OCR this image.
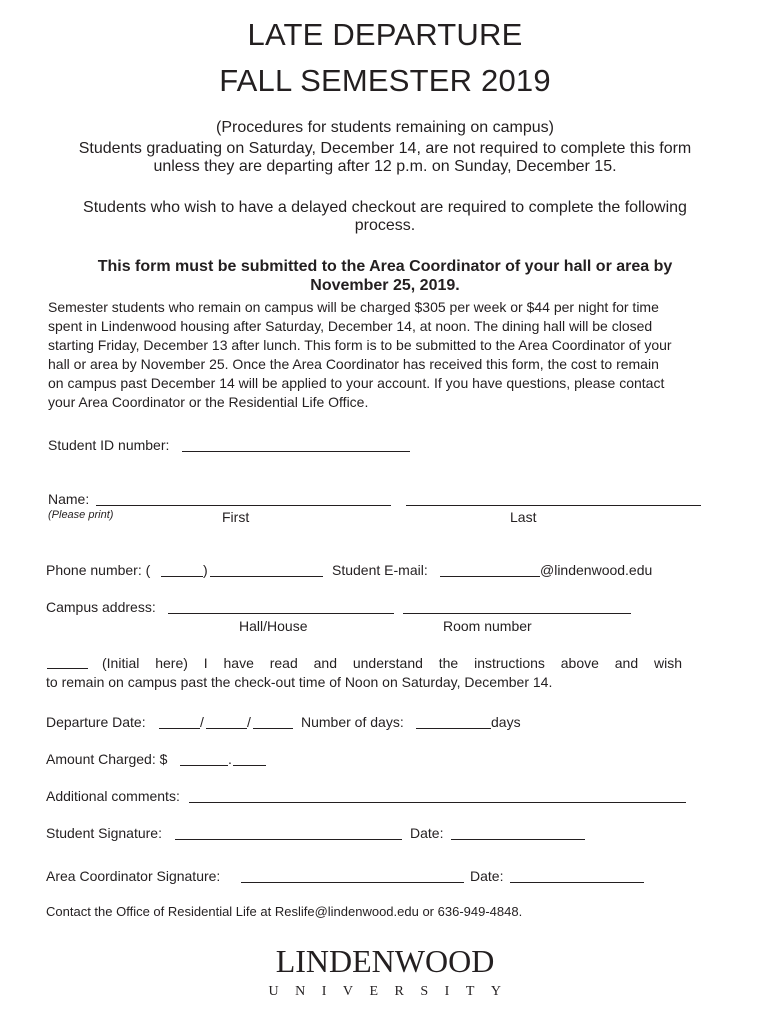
LATE DEPARTURE
FALL SEMESTER 2019
(Procedures for students remaining on campus)
Students graduating on Saturday, December 14, are not required to complete this form
unless they are departing after 12 p.m. on Sunday, December 15.
Students who wish to have a delayed checkout are required to complete the following
process.
This form must be submitted to the Area Coordinator of your hall or area by
November 25, 2019.
Semester students who remain on campus will be charged $305 per week or $44 per night for time
spent in Lindenwood housing after Saturday, December 14, at noon. The dining hall will be closed
starting Friday, December 13 after lunch. This form is to be submitted to the Area Coordinator of your
hall or area by November 25. Once the Area Coordinator has received this form, the cost to remain
on campus past December 14 will be applied to your account. If you have questions, please contact
your Area Coordinator or the Residential Life Office.
Student ID number:
Name:
(Please print)	First	Last
Phone number: (	)	Student E-mail:	@lindenwood.edu
Campus address:
Hall/House	Room number
(Initial here) I have read and understand the instructions above and wish
to remain on campus past the check-out time of Noon on Saturday, December 14.
Departure Date:	/	/	Number of days:	days
Amount Charged: $	.
Additional comments:
Student Signature:	Date:
Area Coordinator Signature:	Date:
Contact the Office of Residential Life at Reslife@lindenwood.edu or 636-949-4848.
LINDENWOOD
UNIVERSITY
